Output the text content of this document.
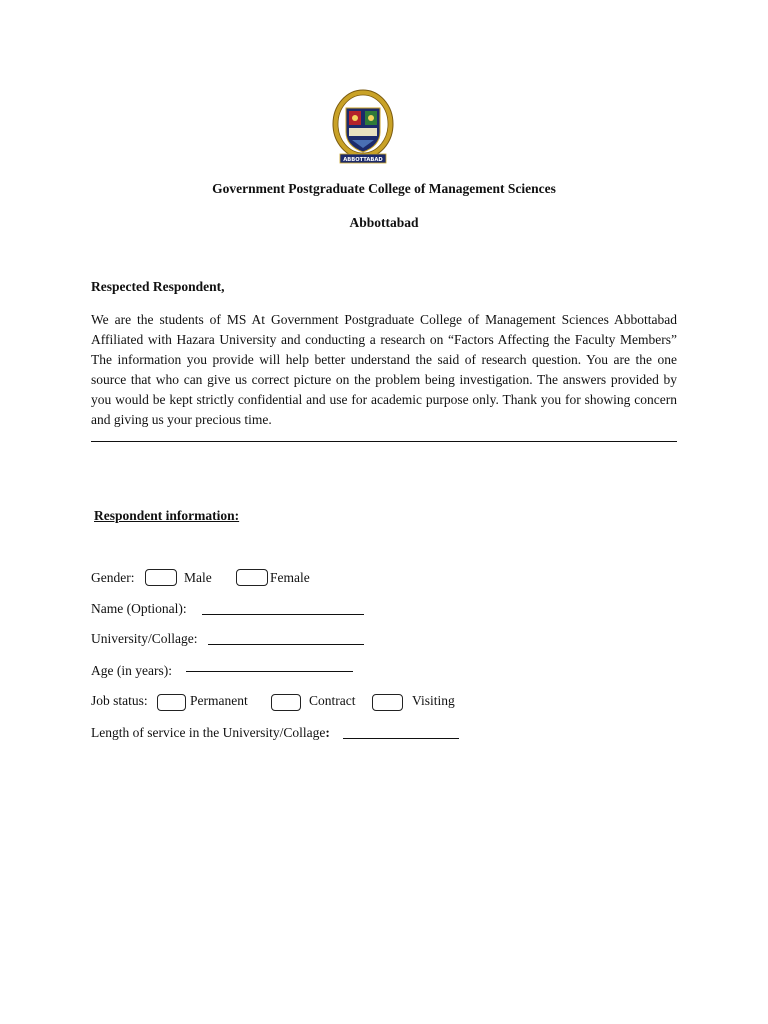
ABBOTTABAD
Government Postgraduate College of Management Sciences
Abbottabad
Respected Respondent,

We are the students of MS At Government Postgraduate College of Management Sciences Abbottabad Affiliated with Hazara University and conducting a research on “Factors Affecting the Faculty Members” The information you provide will help better understand the said of research question. You are the one source that who can give us correct picture on the problem being investigation. The answers provided by you would be kept strictly confidential and use for academic purpose only. Thank you for showing concern and giving us your precious time.

Respondent information:
Gender:	Male	Female
Name (Optional):
University/Collage:
Age (in years):
Job status:	Permanent	Contract	Visiting
Length of service in the University/Collage:
